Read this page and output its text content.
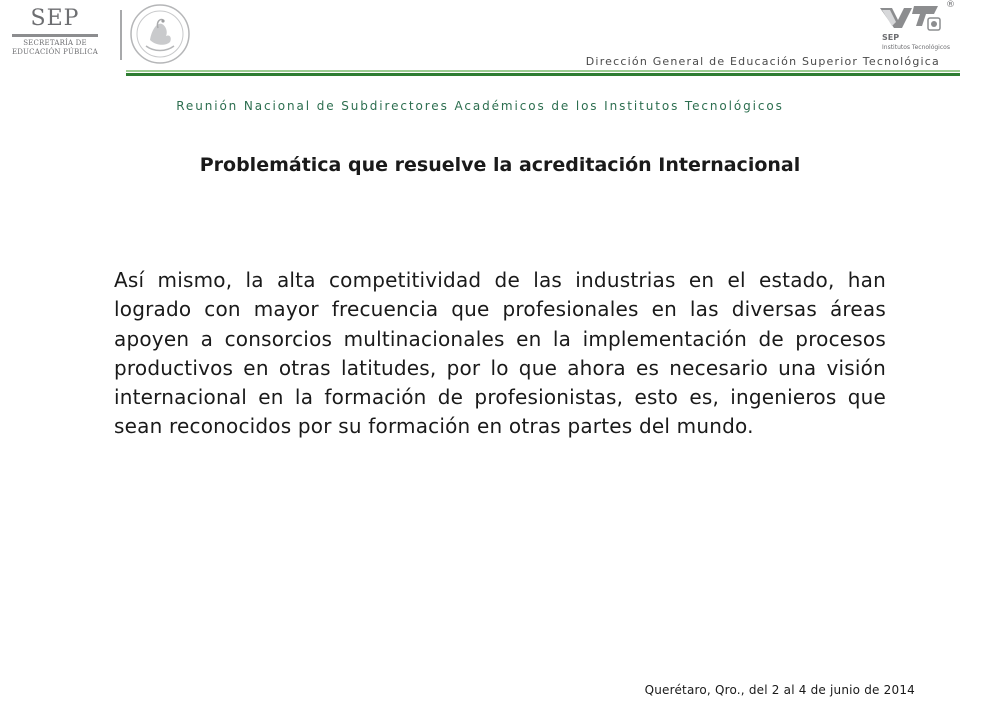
SEP
SECRETARÍA DE
EDUCACIÓN PÚBLICA
SEP
Institutos Tecnológicos
®
Dirección General de Educación Superior Tecnológica
Reunión Nacional de Subdirectores Académicos de los Institutos Tecnológicos
Problemática que resuelve la acreditación Internacional
Así mismo, la alta competitividad de las industrias en el estado, han logrado con mayor frecuencia que profesionales en las diversas áreas apoyen a consorcios multinacionales en la implementación de procesos productivos en otras latitudes, por lo que ahora es necesario una visión internacional en la formación de profesionistas, esto es, ingenieros que sean reconocidos por su formación en otras partes del mundo.
Querétaro, Qro., del 2 al 4 de junio de 2014
